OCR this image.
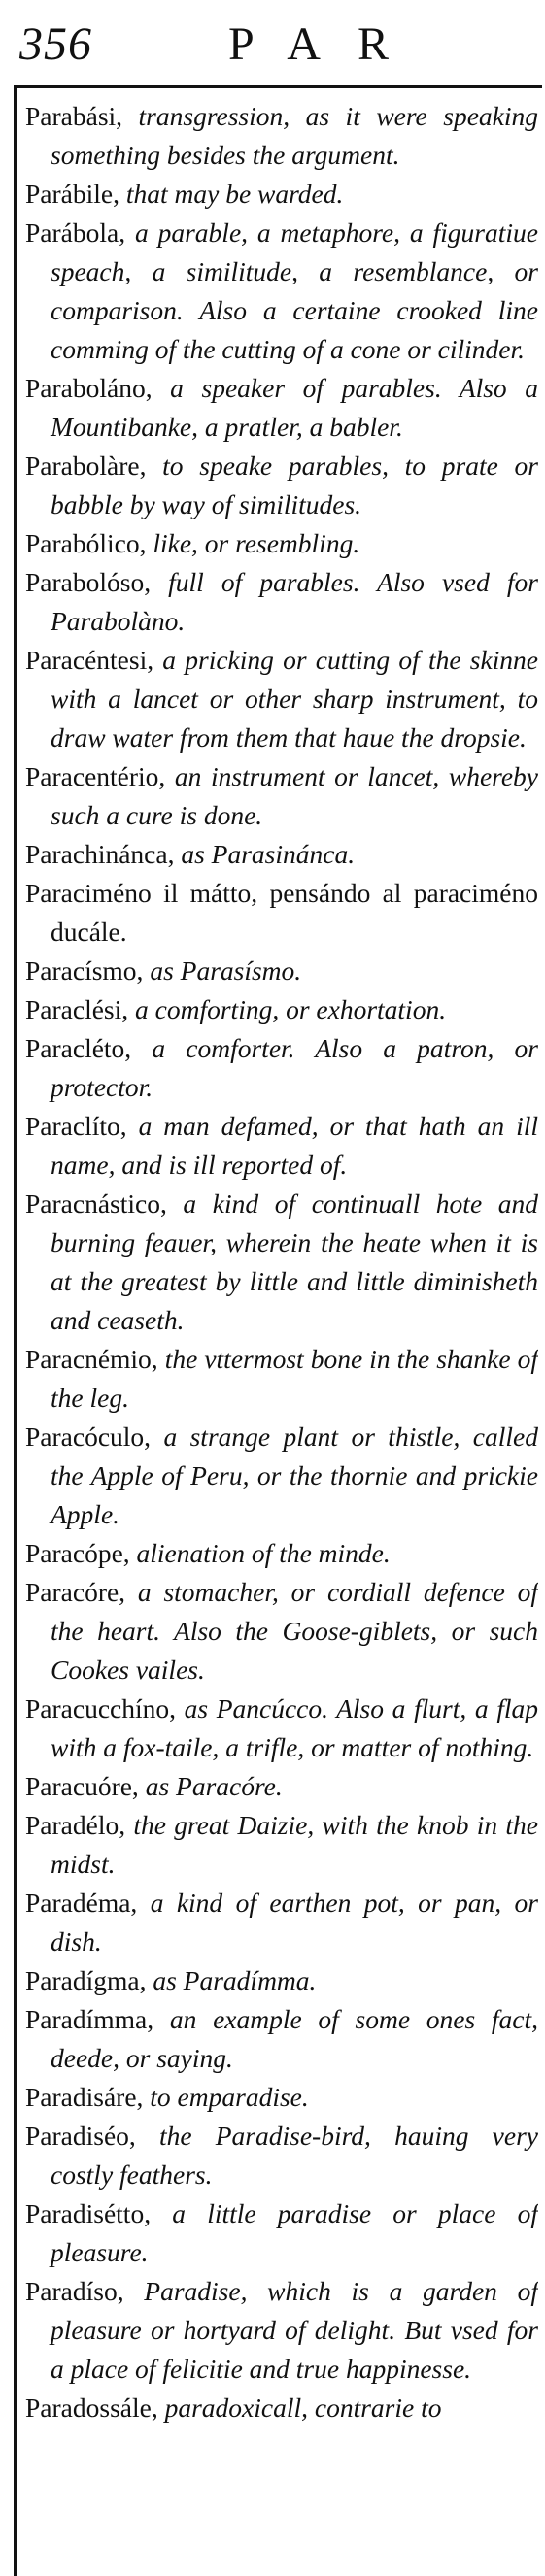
356	PAR

Parabási, transgression, as it were speaking something besides the argument.

Parábile, that may be warded.

Parábola, a parable, a metaphore, a figuratiue speach, a similitude, a resemblance, or comparison. Also a certaine crooked line comming of the cutting of a cone or cilinder.

Paraboláno, a speaker of parables. Also a Mountibanke, a pratler, a babler.

Parabolàre, to speake parables, to prate or babble by way of similitudes.

Parabólico, like, or resembling.

Parabolóso, full of parables. Also vsed for Parabolàno.

Paracéntesi, a pricking or cutting of the skinne with a lancet or other sharp instrument, to draw water from them that haue the dropsie.

Paracentério, an instrument or lancet, whereby such a cure is done.

Parachinánca, as Parasinánca.

Paraciméno il mátto, pensándo al paraciméno ducále.

Paracísmo, as Parasísmo.

Paraclési, a comforting, or exhortation.

Paracléto, a comforter. Also a patron, or protector.

Paraclíto, a man defamed, or that hath an ill name, and is ill reported of.

Paracnástico, a kind of continuall hote and burning feauer, wherein the heate when it is at the greatest by little and little diminisheth and ceaseth.

Paracnémio, the vttermost bone in the shanke of the leg.

Paracóculo, a strange plant or thistle, called the Apple of Peru, or the thornie and prickie Apple.

Paracópe, alienation of the minde.

Paracóre, a stomacher, or cordiall defence of the heart. Also the Goose-giblets, or such Cookes vailes.

Paracucchíno, as Pancúcco. Also a flurt, a flap with a fox-taile, a trifle, or matter of nothing.

Paracuóre, as Paracóre.

Paradélo, the great Daizie, with the knob in the midst.

Paradéma, a kind of earthen pot, or pan, or dish.

Paradígma, as Paradímma.

Paradímma, an example of some ones fact, deede, or saying.

Paradisáre, to emparadise.

Paradiséo, the Paradise-bird, hauing very costly feathers.

Paradisétto, a little paradise or place of pleasure.

Paradíso, Paradise, which is a garden of pleasure or hortyard of delight. But vsed for a place of felicitie and true happinesse.

Paradossále, paradoxicall, contrarie to
